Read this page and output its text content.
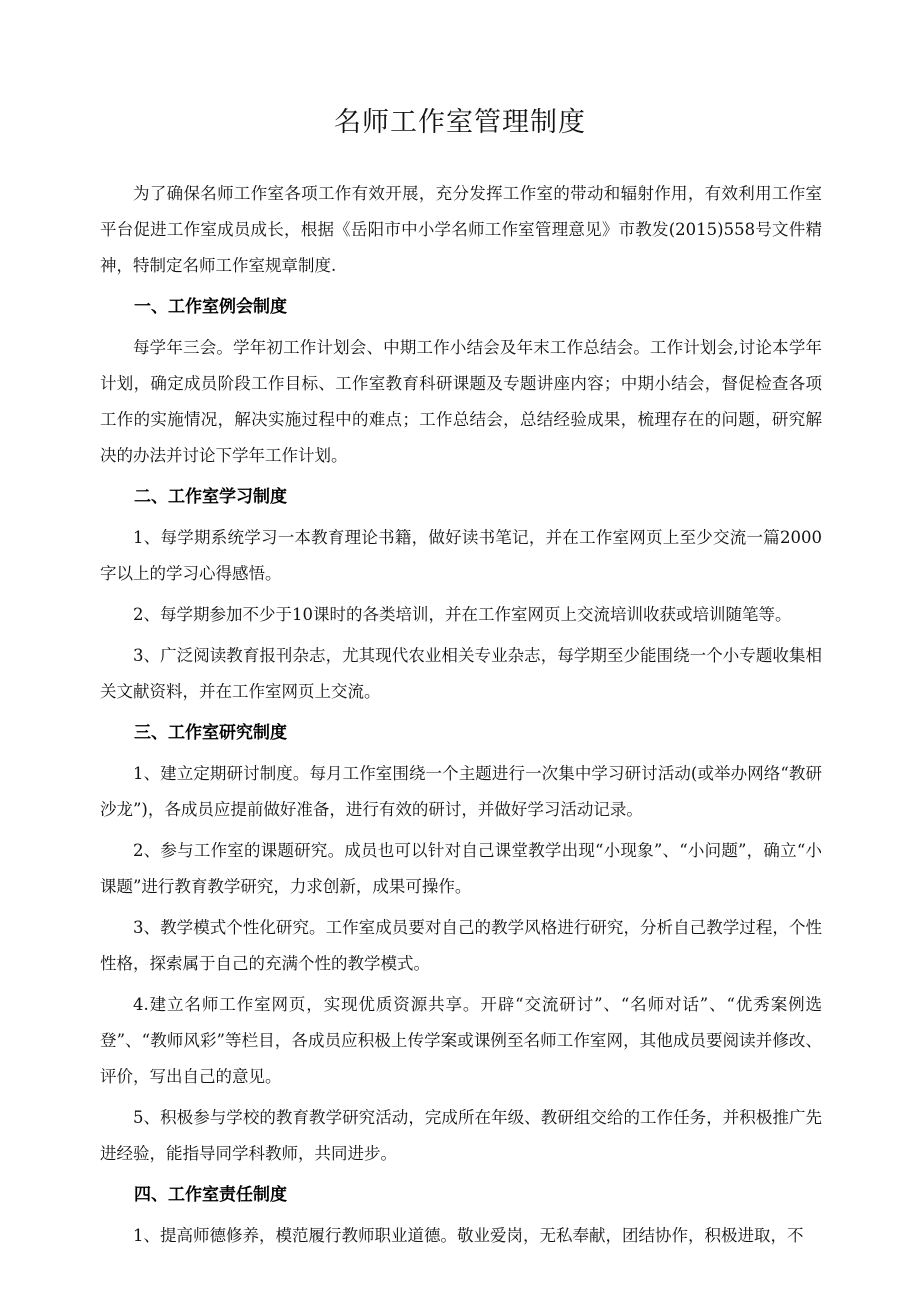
名师工作室管理制度

为了确保名师工作室各项工作有效开展，充分发挥工作室的带动和辐射作用，有效利用工作室平台促进工作室成员成长，根据《岳阳市中小学名师工作室管理意见》市教发(2015)558号文件精神，特制定名师工作室规章制度.

一、工作室例会制度

每学年三会。学年初工作计划会、中期工作小结会及年末工作总结会。工作计划会,讨论本学年计划，确定成员阶段工作目标、工作室教育科研课题及专题讲座内容；中期小结会，督促检查各项工作的实施情况，解决实施过程中的难点；工作总结会，总结经验成果，梳理存在的问题，研究解决的办法并讨论下学年工作计划。

二、工作室学习制度

1、每学期系统学习一本教育理论书籍，做好读书笔记，并在工作室网页上至少交流一篇2000字以上的学习心得感悟。

2、每学期参加不少于10课时的各类培训，并在工作室网页上交流培训收获或培训随笔等。

3、广泛阅读教育报刊杂志，尤其现代农业相关专业杂志，每学期至少能围绕一个小专题收集相关文献资料，并在工作室网页上交流。

三、工作室研究制度

1、建立定期研讨制度。每月工作室围绕一个主题进行一次集中学习研讨活动(或举办网络“教研沙龙”)，各成员应提前做好准备，进行有效的研讨，并做好学习活动记录。

2、参与工作室的课题研究。成员也可以针对自己课堂教学出现“小现象”、“小问题”，确立“小课题”进行教育教学研究，力求创新，成果可操作。

3、教学模式个性化研究。工作室成员要对自己的教学风格进行研究，分析自己教学过程，个性性格，探索属于自己的充满个性的教学模式。

4.建立名师工作室网页，实现优质资源共享。开辟“交流研讨”、“名师对话”、“优秀案例选登”、“教师风彩”等栏目，各成员应积极上传学案或课例至名师工作室网，其他成员要阅读并修改、评价，写出自己的意见。

5、积极参与学校的教育教学研究活动，完成所在年级、教研组交给的工作任务，并积极推广先进经验，能指导同学科教师，共同进步。

四、工作室责任制度

1、提高师德修养，模范履行教师职业道德。敬业爱岗，无私奉献，团结协作，积极进取，不
